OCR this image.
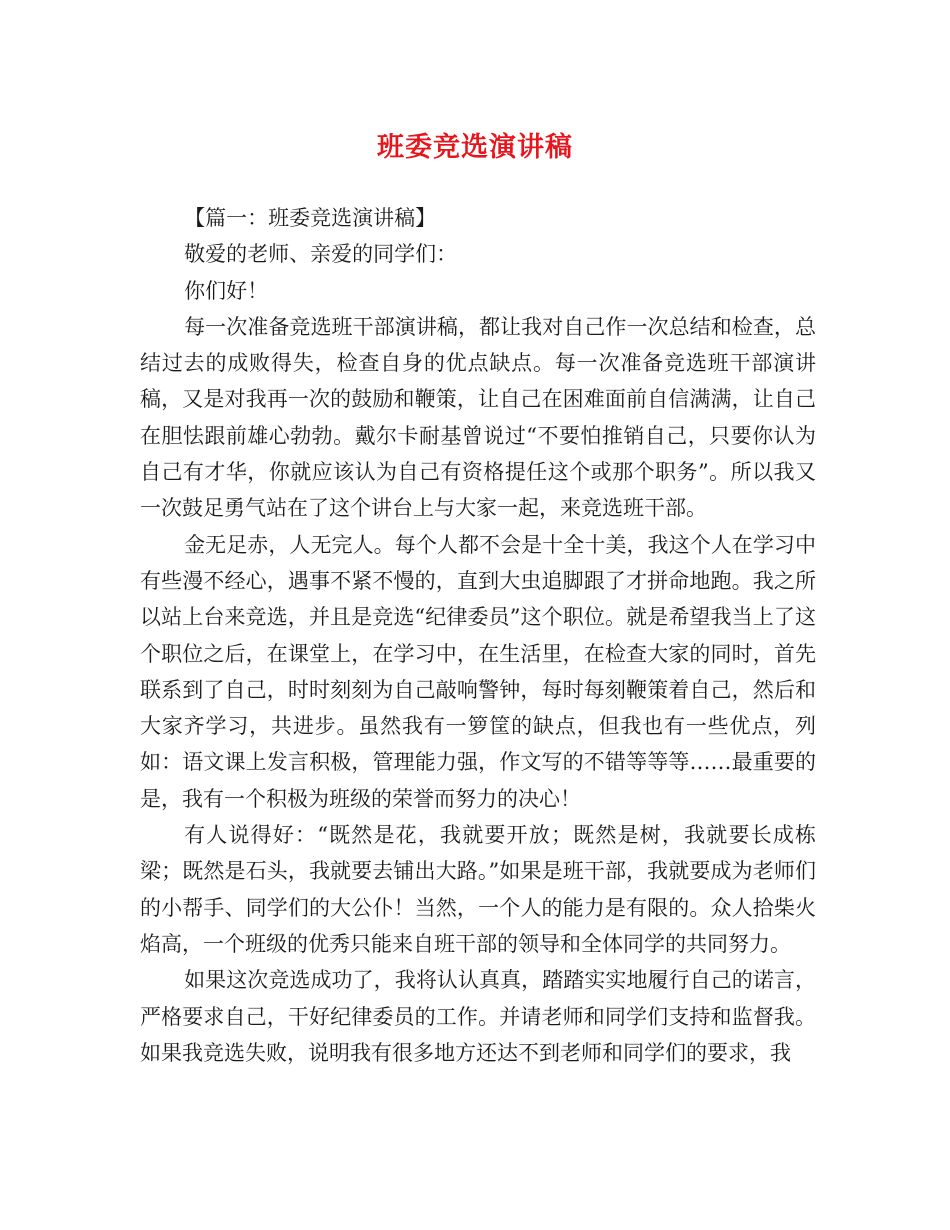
班委竞选演讲稿

【篇一：班委竞选演讲稿】

敬爱的老师、亲爱的同学们：

你们好！

每一次准备竞选班干部演讲稿，都让我对自己作一次总结和检查，总结过去的成败得失，检查自身的优点缺点。每一次准备竞选班干部演讲稿，又是对我再一次的鼓励和鞭策，让自己在困难面前自信满满，让自己在胆怯跟前雄心勃勃。戴尔卡耐基曾说过“不要怕推销自己，只要你认为自己有才华，你就应该认为自己有资格提任这个或那个职务”。所以我又一次鼓足勇气站在了这个讲台上与大家一起，来竞选班干部。

金无足赤，人无完人。每个人都不会是十全十美，我这个人在学习中有些漫不经心，遇事不紧不慢的，直到大虫追脚跟了才拼命地跑。我之所以站上台来竞选，并且是竞选“纪律委员”这个职位。就是希望我当上了这个职位之后，在课堂上，在学习中，在生活里，在检查大家的同时，首先联系到了自己，时时刻刻为自己敲响警钟，每时每刻鞭策着自己，然后和大家齐学习，共进步。虽然我有一箩筐的缺点，但我也有一些优点，列如：语文课上发言积极，管理能力强，作文写的不错等等等……最重要的是，我有一个积极为班级的荣誉而努力的决心！

有人说得好：“既然是花，我就要开放；既然是树，我就要长成栋梁；既然是石头，我就要去铺出大路。”如果是班干部，我就要成为老师们的小帮手、同学们的大公仆！当然，一个人的能力是有限的。众人拾柴火焰高，一个班级的优秀只能来自班干部的领导和全体同学的共同努力。

如果这次竞选成功了，我将认认真真，踏踏实实地履行自己的诺言，严格要求自己，干好纪律委员的工作。并请老师和同学们支持和监督我。如果我竞选失败，说明我有很多地方还达不到老师和同学们的要求，我
